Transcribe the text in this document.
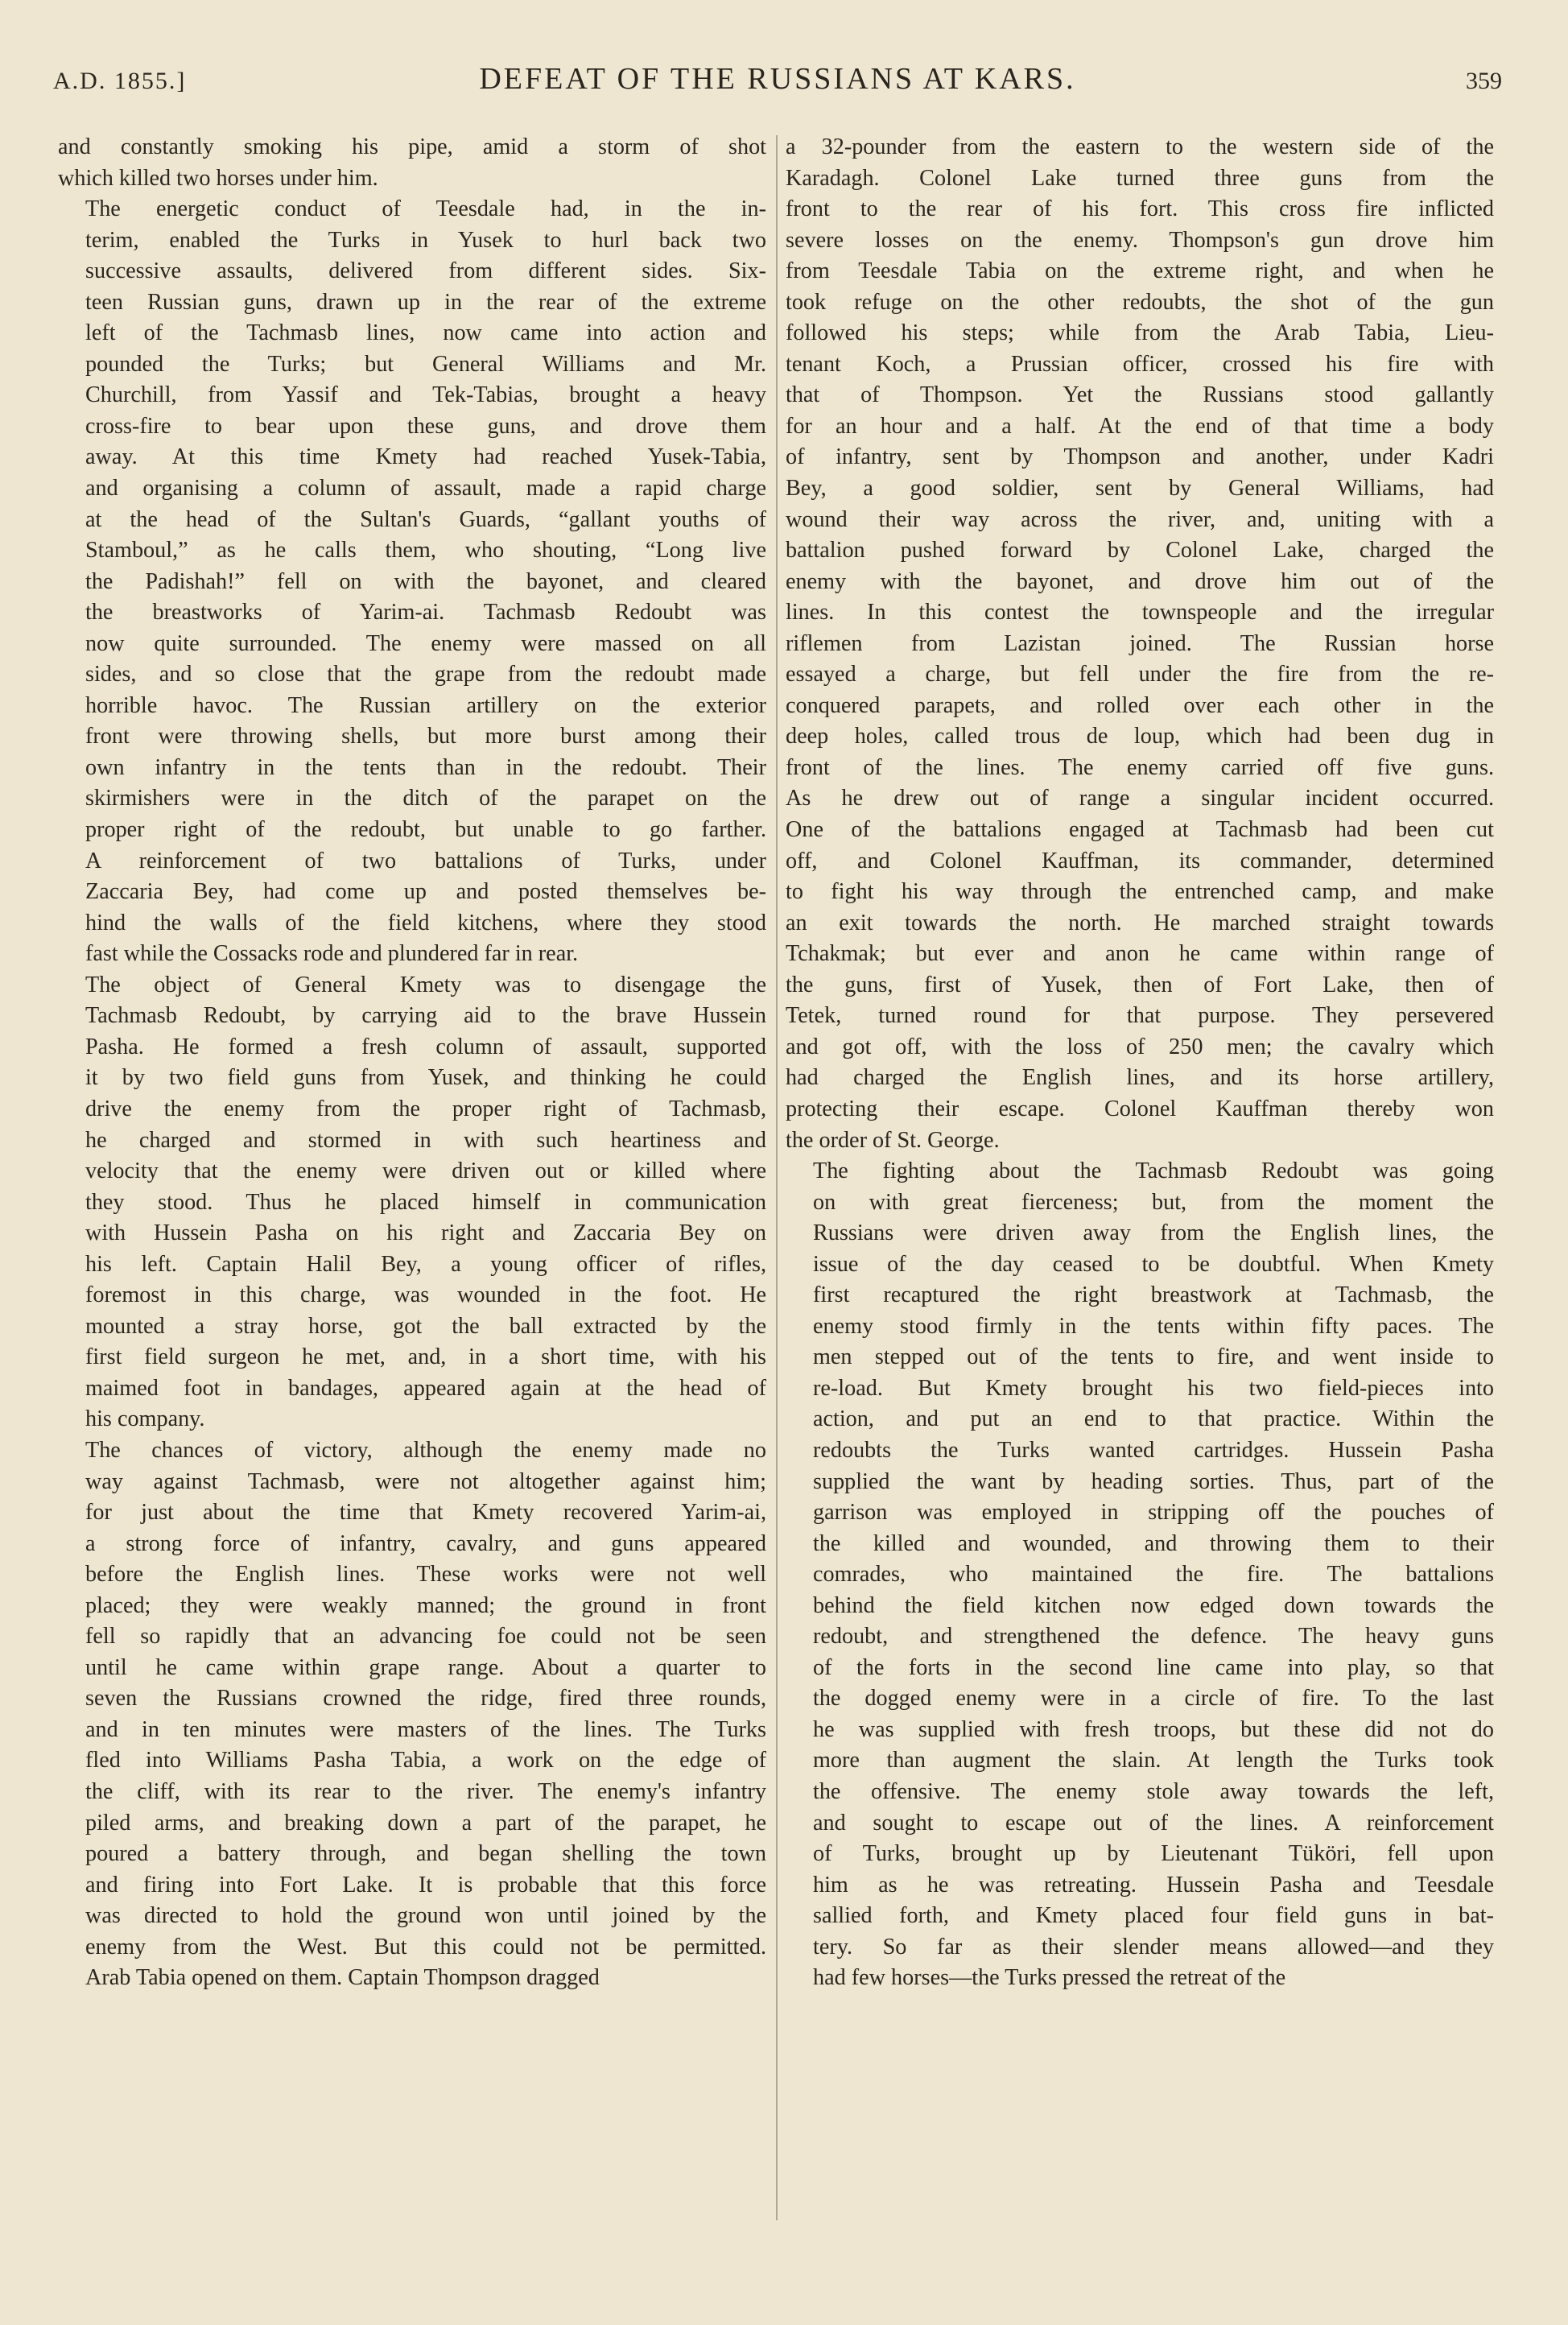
A.D. 1855.]	DEFEAT OF THE RUSSIANS AT KARS.	359

and constantly smoking his pipe, amid a storm of shot
which killed two horses under him.

The energetic conduct of Teesdale had, in the in-
terim, enabled the Turks in Yusek to hurl back two
successive assaults, delivered from different sides. Six-
teen Russian guns, drawn up in the rear of the extreme
left of the Tachmasb lines, now came into action and
pounded the Turks; but General Williams and Mr.
Churchill, from Yassif and Tek-Tabias, brought a heavy
cross-fire to bear upon these guns, and drove them
away. At this time Kmety had reached Yusek-Tabia,
and organising a column of assault, made a rapid charge
at the head of the Sultan's Guards, “gallant youths of
Stamboul,” as he calls them, who shouting, “Long live
the Padishah!” fell on with the bayonet, and cleared
the breastworks of Yarim-ai. Tachmasb Redoubt was
now quite surrounded. The enemy were massed on all
sides, and so close that the grape from the redoubt made
horrible havoc. The Russian artillery on the exterior
front were throwing shells, but more burst among their
own infantry in the tents than in the redoubt. Their
skirmishers were in the ditch of the parapet on the
proper right of the redoubt, but unable to go farther.
A reinforcement of two battalions of Turks, under
Zaccaria Bey, had come up and posted themselves be-
hind the walls of the field kitchens, where they stood
fast while the Cossacks rode and plundered far in rear.

The object of General Kmety was to disengage the
Tachmasb Redoubt, by carrying aid to the brave Hussein
Pasha. He formed a fresh column of assault, supported
it by two field guns from Yusek, and thinking he could
drive the enemy from the proper right of Tachmasb,
he charged and stormed in with such heartiness and
velocity that the enemy were driven out or killed where
they stood. Thus he placed himself in communication
with Hussein Pasha on his right and Zaccaria Bey on
his left. Captain Halil Bey, a young officer of rifles,
foremost in this charge, was wounded in the foot. He
mounted a stray horse, got the ball extracted by the
first field surgeon he met, and, in a short time, with his
maimed foot in bandages, appeared again at the head of
his company.

The chances of victory, although the enemy made no
way against Tachmasb, were not altogether against him;
for just about the time that Kmety recovered Yarim-ai,
a strong force of infantry, cavalry, and guns appeared
before the English lines. These works were not well
placed; they were weakly manned; the ground in front
fell so rapidly that an advancing foe could not be seen
until he came within grape range. About a quarter to
seven the Russians crowned the ridge, fired three rounds,
and in ten minutes were masters of the lines. The Turks
fled into Williams Pasha Tabia, a work on the edge of
the cliff, with its rear to the river. The enemy's infantry
piled arms, and breaking down a part of the parapet, he
poured a battery through, and began shelling the town
and firing into Fort Lake. It is probable that this force
was directed to hold the ground won until joined by the
enemy from the West. But this could not be permitted.
Arab Tabia opened on them. Captain Thompson dragged

a 32-pounder from the eastern to the western side of the
Karadagh. Colonel Lake turned three guns from the
front to the rear of his fort. This cross fire inflicted
severe losses on the enemy. Thompson's gun drove him
from Teesdale Tabia on the extreme right, and when he
took refuge on the other redoubts, the shot of the gun
followed his steps; while from the Arab Tabia, Lieu-
tenant Koch, a Prussian officer, crossed his fire with
that of Thompson. Yet the Russians stood gallantly
for an hour and a half. At the end of that time a body
of infantry, sent by Thompson and another, under Kadri
Bey, a good soldier, sent by General Williams, had
wound their way across the river, and, uniting with a
battalion pushed forward by Colonel Lake, charged the
enemy with the bayonet, and drove him out of the
lines. In this contest the townspeople and the irregular
riflemen from Lazistan joined. The Russian horse
essayed a charge, but fell under the fire from the re-
conquered parapets, and rolled over each other in the
deep holes, called trous de loup, which had been dug in
front of the lines. The enemy carried off five guns.
As he drew out of range a singular incident occurred.
One of the battalions engaged at Tachmasb had been cut
off, and Colonel Kauffman, its commander, determined
to fight his way through the entrenched camp, and make
an exit towards the north. He marched straight towards
Tchakmak; but ever and anon he came within range of
the guns, first of Yusek, then of Fort Lake, then of
Tetek, turned round for that purpose. They persevered
and got off, with the loss of 250 men; the cavalry which
had charged the English lines, and its horse artillery,
protecting their escape. Colonel Kauffman thereby won
the order of St. George.

The fighting about the Tachmasb Redoubt was going
on with great fierceness; but, from the moment the
Russians were driven away from the English lines, the
issue of the day ceased to be doubtful. When Kmety
first recaptured the right breastwork at Tachmasb, the
enemy stood firmly in the tents within fifty paces. The
men stepped out of the tents to fire, and went inside to
re-load. But Kmety brought his two field-pieces into
action, and put an end to that practice. Within the
redoubts the Turks wanted cartridges. Hussein Pasha
supplied the want by heading sorties. Thus, part of the
garrison was employed in stripping off the pouches of
the killed and wounded, and throwing them to their
comrades, who maintained the fire. The battalions
behind the field kitchen now edged down towards the
redoubt, and strengthened the defence. The heavy guns
of the forts in the second line came into play, so that
the dogged enemy were in a circle of fire. To the last
he was supplied with fresh troops, but these did not do
more than augment the slain. At length the Turks took
the offensive. The enemy stole away towards the left,
and sought to escape out of the lines. A reinforcement
of Turks, brought up by Lieutenant Tüköri, fell upon
him as he was retreating. Hussein Pasha and Teesdale
sallied forth, and Kmety placed four field guns in bat-
tery. So far as their slender means allowed—and they
had few horses—the Turks pressed the retreat of the
